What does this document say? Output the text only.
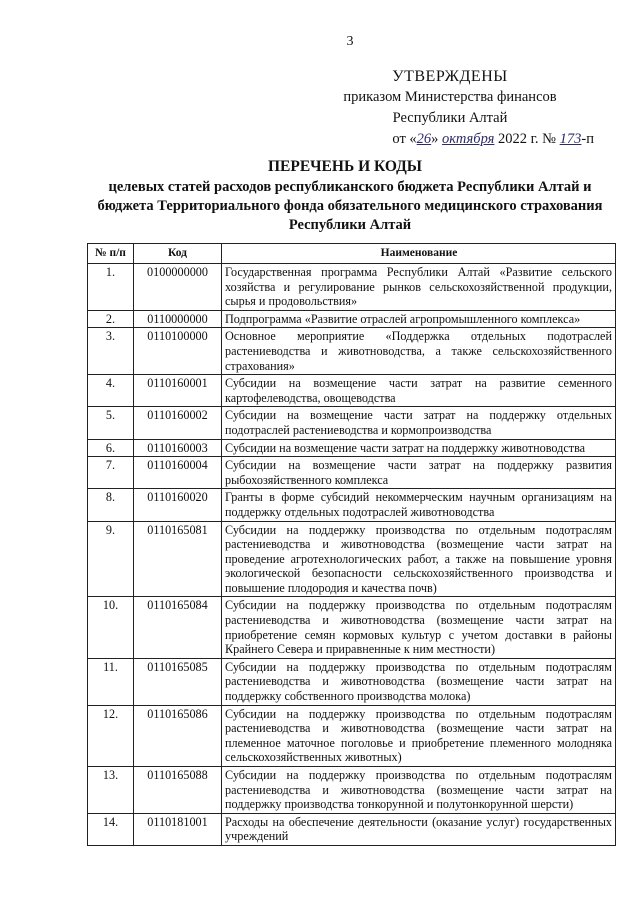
3
УТВЕРЖДЕНЫ
приказом Министерства финансов
Республики Алтай
от «26» октября 2022 г. № 173-п
ПЕРЕЧЕНЬ И КОДЫ
целевых статей расходов республиканского бюджета Республики Алтай и бюджета Территориального фонда обязательного медицинского страхования Республики Алтай
№ п/п	Код	Наименование
1.	0100000000	Государственная программа Республики Алтай «Развитие сельского хозяйства и регулирование рынков сельскохозяйственной продукции, сырья и продовольствия»
2.	0110000000	Подпрограмма «Развитие отраслей агропромышленного комплекса»
3.	0110100000	Основное мероприятие «Поддержка отдельных подотраслей растениеводства и животноводства, а также сельскохозяйственного страхования»
4.	0110160001	Субсидии на возмещение части затрат на развитие семенного картофелеводства, овощеводства
5.	0110160002	Субсидии на возмещение части затрат на поддержку отдельных подотраслей растениеводства и кормопроизводства
6.	0110160003	Субсидии на возмещение части затрат на поддержку животноводства
7.	0110160004	Субсидии на возмещение части затрат на поддержку развития рыбохозяйственного комплекса
8.	0110160020	Гранты в форме субсидий некоммерческим научным организациям на поддержку отдельных подотраслей животноводства
9.	0110165081	Субсидии на поддержку производства по отдельным подотраслям растениеводства и животноводства (возмещение части затрат на проведение агротехнологических работ, а также на повышение уровня экологической безопасности сельскохозяйственного производства и повышение плодородия и качества почв)
10.	0110165084	Субсидии на поддержку производства по отдельным подотраслям растениеводства и животноводства (возмещение части затрат на приобретение семян кормовых культур с учетом доставки в районы Крайнего Севера и приравненные к ним местности)
11.	0110165085	Субсидии на поддержку производства по отдельным подотраслям растениеводства и животноводства (возмещение части затрат на поддержку собственного производства молока)
12.	0110165086	Субсидии на поддержку производства по отдельным подотраслям растениеводства и животноводства (возмещение части затрат на племенное маточное поголовье и приобретение племенного молодняка сельскохозяйственных животных)
13.	0110165088	Субсидии на поддержку производства по отдельным подотраслям растениеводства и животноводства (возмещение части затрат на поддержку производства тонкорунной и полутонкорунной шерсти)
14.	0110181001	Расходы на обеспечение деятельности (оказание услуг) государственных учреждений
